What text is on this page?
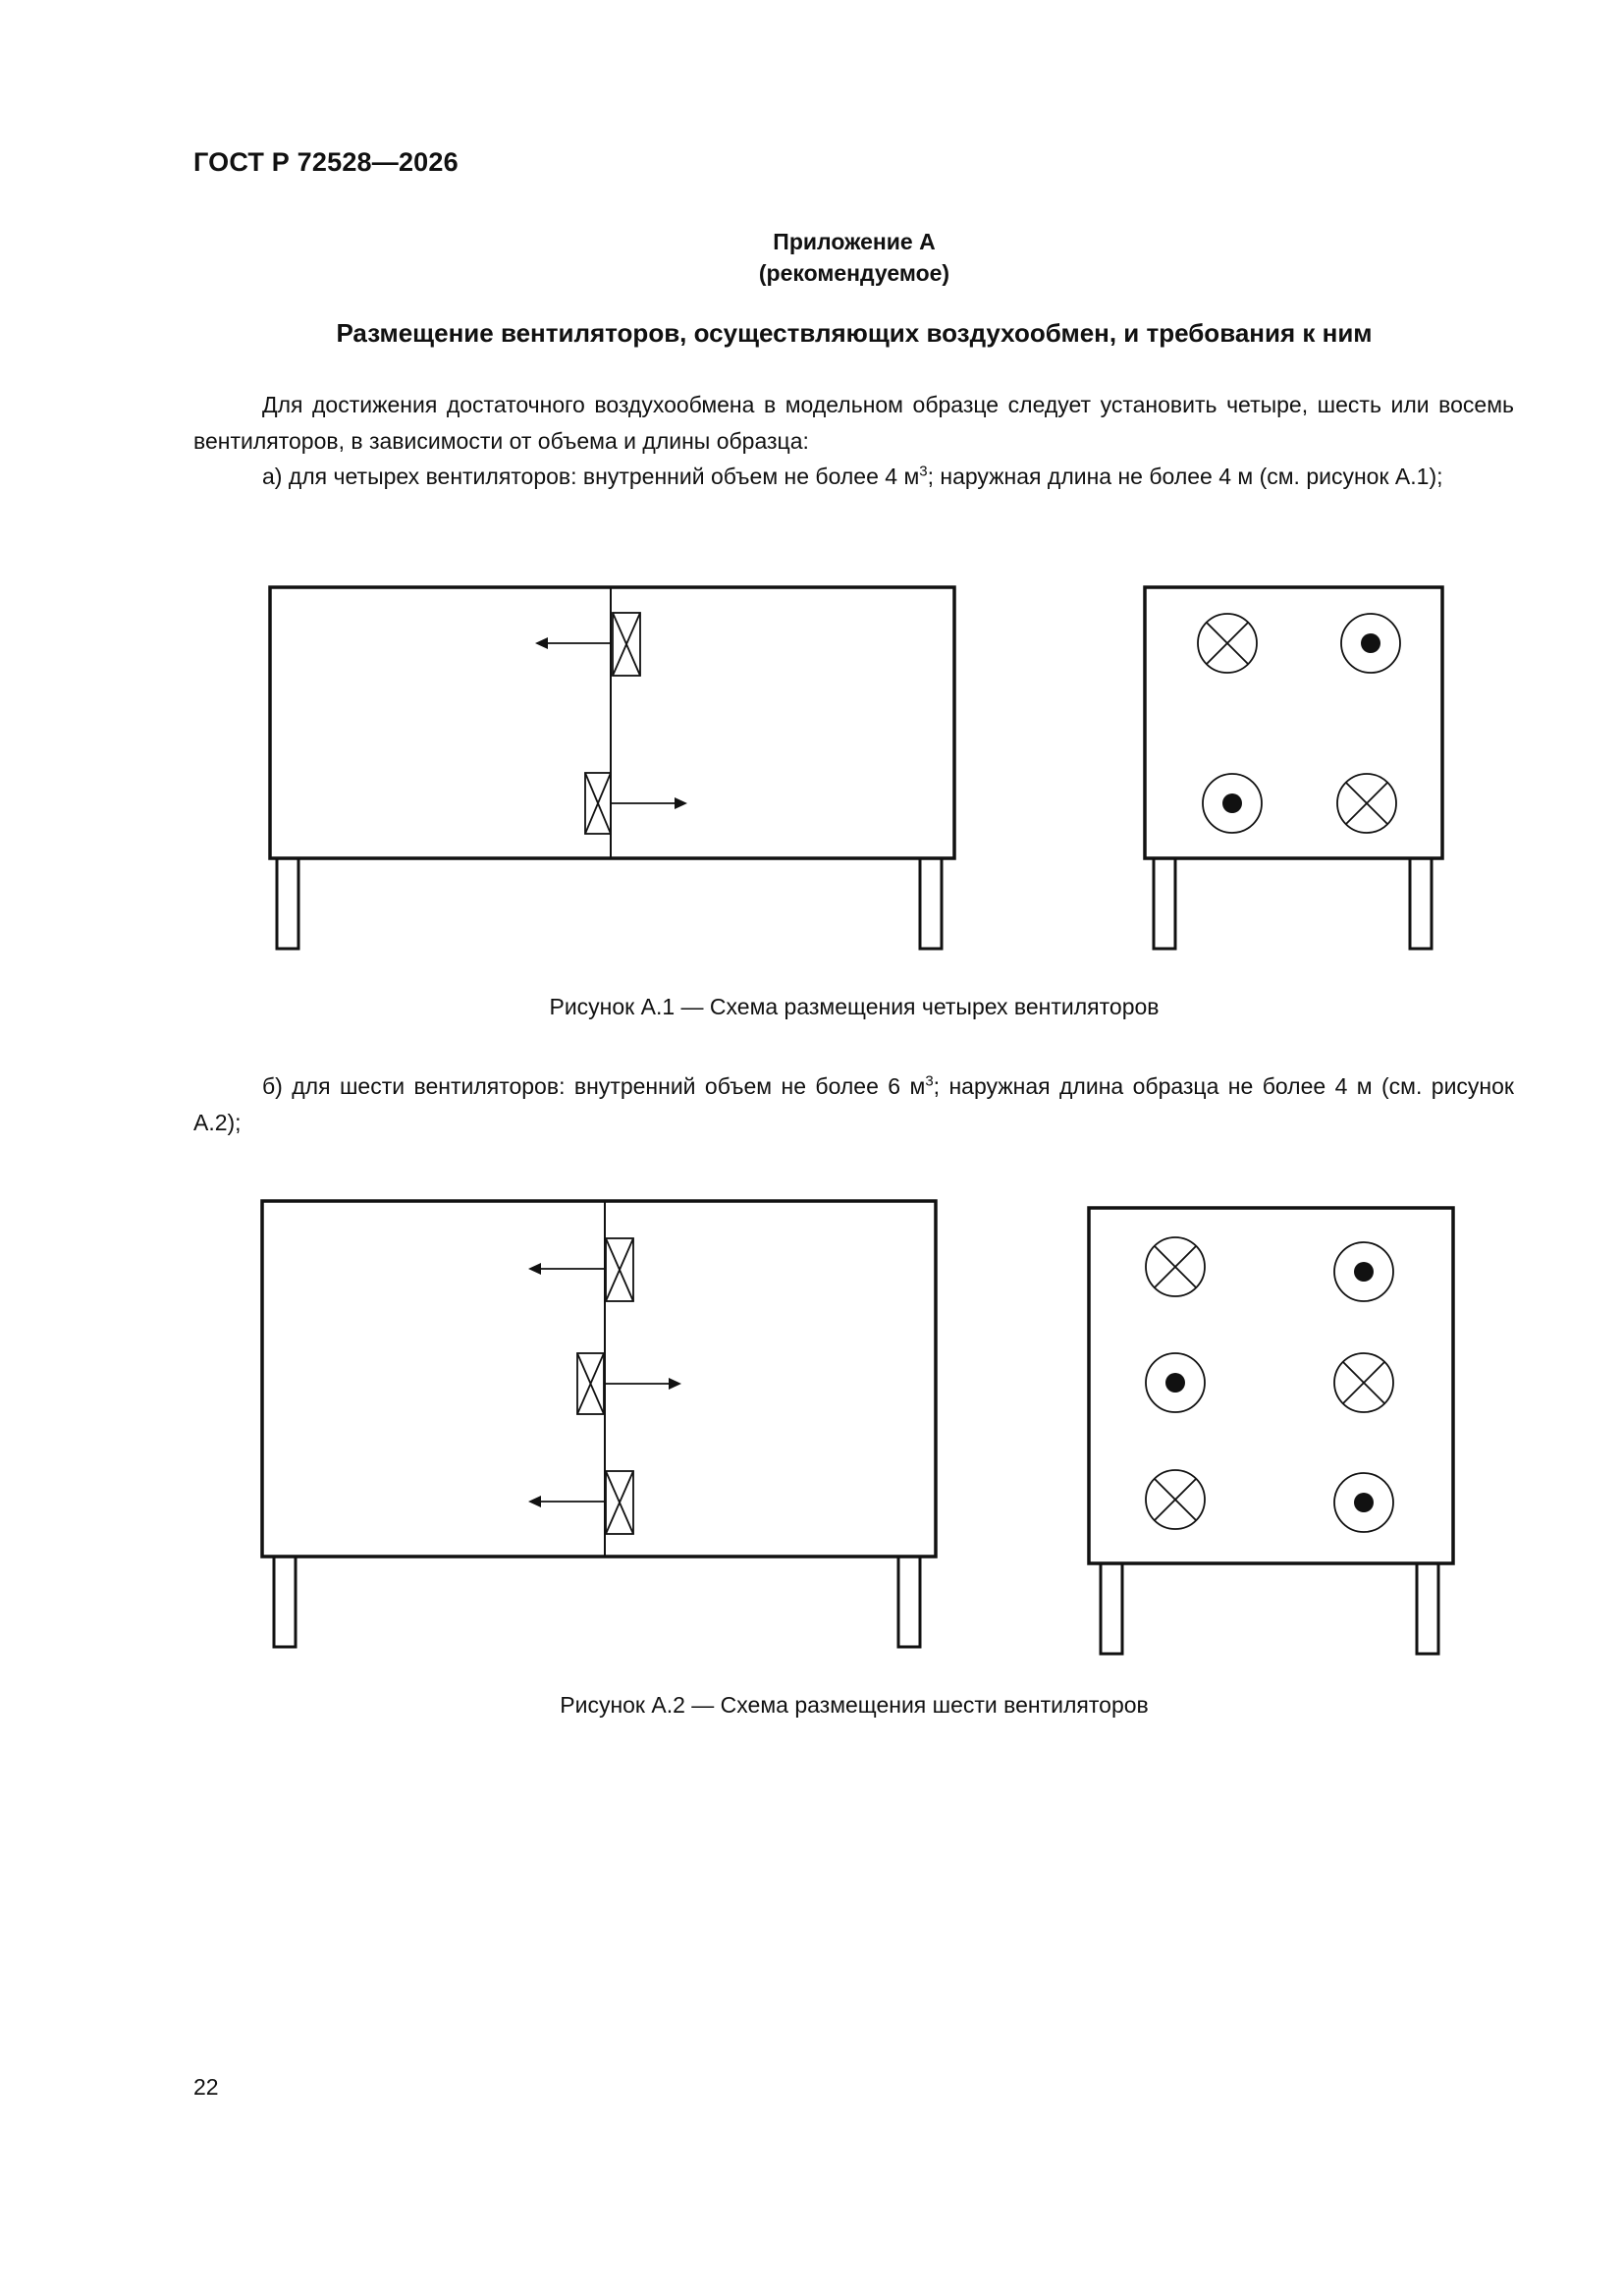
ГОСТ Р 72528—2026
Приложение А
(рекомендуемое)
Размещение вентиляторов, осуществляющих воздухообмен, и требования к ним
Для достижения достаточного воздухообмена в модельном образце следует установить четыре, шесть или восемь вентиляторов, в зависимости от объема и длины образца:
а) для четырех вентиляторов: внутренний объем не более 4 $м^3$; наружная длина не более 4 м (см. рисунок А.1);
Рисунок А.1 — Схема размещения четырех вентиляторов
б) для шести вентиляторов: внутренний объем не более 6 $м^3$; наружная длина образца не более 4 м (см. рисунок А.2);
Рисунок А.2 — Схема размещения шести вентиляторов
22
